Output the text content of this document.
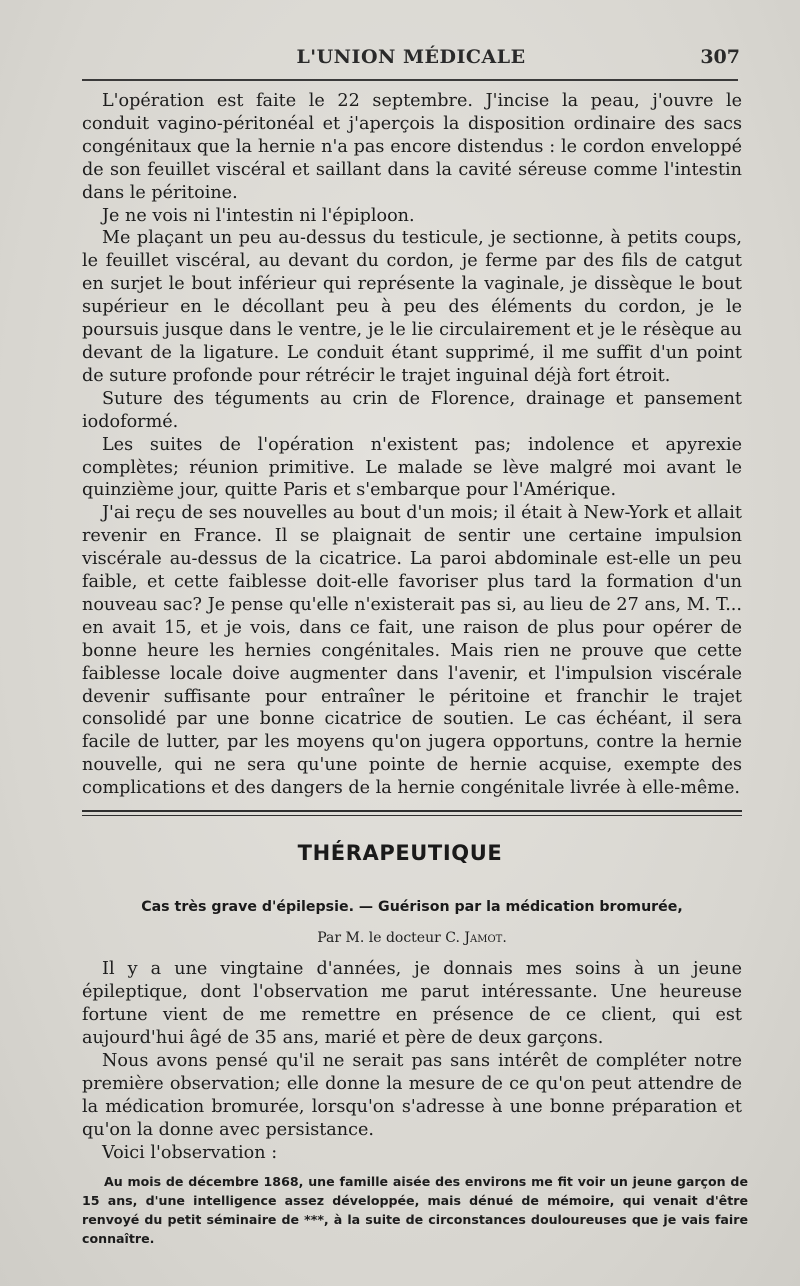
L'UNION MÉDICALE	307

L'opération est faite le 22 septembre. J'incise la peau, j'ouvre le conduit vagino-péritonéal et j'aperçois la disposition ordinaire des sacs congénitaux que la hernie n'a pas encore distendus : le cordon enveloppé de son feuillet viscéral et saillant dans la cavité séreuse comme l'intestin dans le péritoine.

Je ne vois ni l'intestin ni l'épiploon.

Me plaçant un peu au-dessus du testicule, je sectionne, à petits coups, le feuillet viscéral, au devant du cordon, je ferme par des fils de catgut en surjet le bout inférieur qui représente la vaginale, je dissèque le bout supérieur en le décollant peu à peu des éléments du cordon, je le poursuis jusque dans le ventre, je le lie circulairement et je le résèque au devant de la ligature. Le conduit étant supprimé, il me suffit d'un point de suture profonde pour rétrécir le trajet inguinal déjà fort étroit.

Suture des téguments au crin de Florence, drainage et pansement iodoformé.

Les suites de l'opération n'existent pas; indolence et apyrexie complètes; réunion primitive. Le malade se lève malgré moi avant le quinzième jour, quitte Paris et s'embarque pour l'Amérique.

J'ai reçu de ses nouvelles au bout d'un mois; il était à New-York et allait revenir en France. Il se plaignait de sentir une certaine impulsion viscérale au-dessus de la cicatrice. La paroi abdominale est-elle un peu faible, et cette faiblesse doit-elle favoriser plus tard la formation d'un nouveau sac? Je pense qu'elle n'existerait pas si, au lieu de 27 ans, M. T... en avait 15, et je vois, dans ce fait, une raison de plus pour opérer de bonne heure les hernies congénitales. Mais rien ne prouve que cette faiblesse locale doive augmenter dans l'avenir, et l'impulsion viscérale devenir suffisante pour entraîner le péritoine et franchir le trajet consolidé par une bonne cicatrice de soutien. Le cas échéant, il sera facile de lutter, par les moyens qu'on jugera opportuns, contre la hernie nouvelle, qui ne sera qu'une pointe de hernie acquise, exempte des complications et des dangers de la hernie congénitale livrée à elle-même.

THÉRAPEUTIQUE
Cas très grave d'épilepsie. — Guérison par la médication bromurée,
Par M. le docteur C. Jamot.

Il y a une vingtaine d'années, je donnais mes soins à un jeune épileptique, dont l'observation me parut intéressante. Une heureuse fortune vient de me remettre en présence de ce client, qui est aujourd'hui âgé de 35 ans, marié et père de deux garçons.

Nous avons pensé qu'il ne serait pas sans intérêt de compléter notre première observation; elle donne la mesure de ce qu'on peut attendre de la médication bromurée, lorsqu'on s'adresse à une bonne préparation et qu'on la donne avec persistance.

Voici l'observation :

Au mois de décembre 1868, une famille aisée des environs me fit voir un jeune garçon de 15 ans, d'une intelligence assez développée, mais dénué de mémoire, qui venait d'être renvoyé du petit séminaire de ***, à la suite de circonstances douloureuses que je vais faire connaître.
